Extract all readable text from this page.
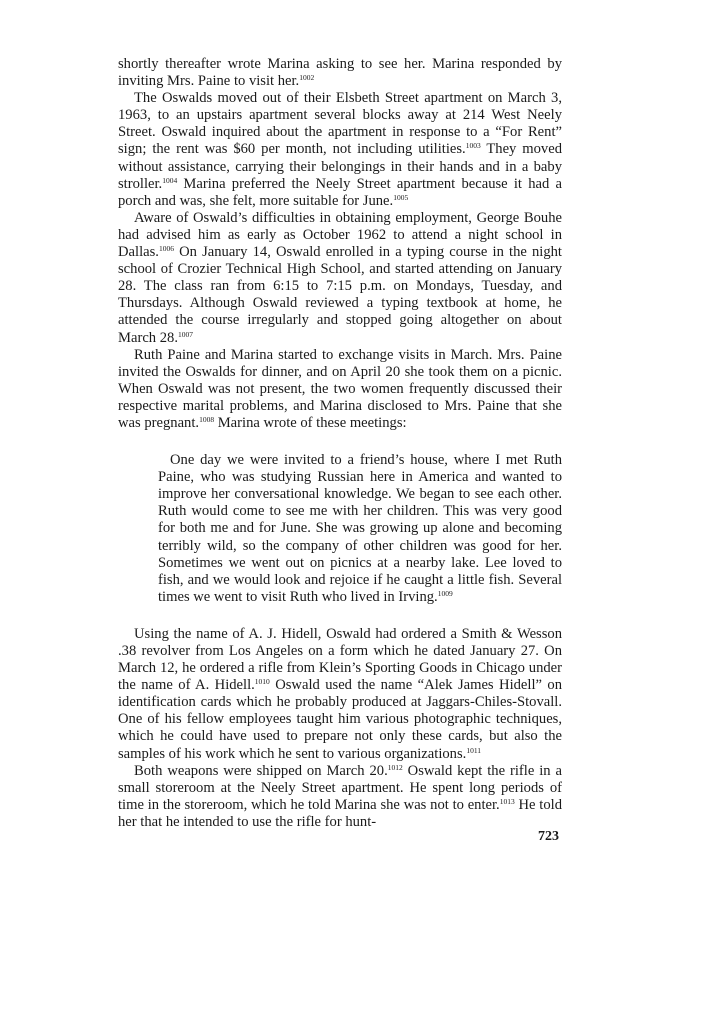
shortly thereafter wrote Marina asking to see her. Marina responded by inviting Mrs. Paine to visit her.$^{1002}$

The Oswalds moved out of their Elsbeth Street apartment on March 3, 1963, to an upstairs apartment several blocks away at 214 West Neely Street. Oswald inquired about the apartment in response to a “For Rent” sign; the rent was $60 per month, not including utilities.$^{1003}$ They moved without assistance, carrying their belongings in their hands and in a baby stroller.$^{1004}$ Marina preferred the Neely Street apartment because it had a porch and was, she felt, more suitable for June.$^{1005}$

Aware of Oswald’s difficulties in obtaining employment, George Bouhe had advised him as early as October 1962 to attend a night school in Dallas.$^{1006}$ On January 14, Oswald enrolled in a typing course in the night school of Crozier Technical High School, and started attending on January 28. The class ran from 6:15 to 7:15 p.m. on Mondays, Tuesday, and Thursdays. Although Oswald reviewed a typing textbook at home, he attended the course irregularly and stopped going altogether on about March 28.$^{1007}$

Ruth Paine and Marina started to exchange visits in March. Mrs. Paine invited the Oswalds for dinner, and on April 20 she took them on a picnic. When Oswald was not present, the two women frequently discussed their respective marital problems, and Marina disclosed to Mrs. Paine that she was pregnant.$^{1008}$ Marina wrote of these meetings:

One day we were invited to a friend’s house, where I met Ruth Paine, who was studying Russian here in America and wanted to improve her conversational knowledge. We began to see each other. Ruth would come to see me with her children. This was very good for both me and for June. She was growing up alone and becoming terribly wild, so the company of other children was good for her. Sometimes we went out on picnics at a nearby lake. Lee loved to fish, and we would look and rejoice if he caught a little fish. Several times we went to visit Ruth who lived in Irving.$^{1009}$

Using the name of A. J. Hidell, Oswald had ordered a Smith & Wesson .38 revolver from Los Angeles on a form which he dated January 27. On March 12, he ordered a rifle from Klein’s Sporting Goods in Chicago under the name of A. Hidell.$^{1010}$ Oswald used the name “Alek James Hidell” on identification cards which he probably produced at Jaggars-Chiles-Stovall. One of his fellow employees taught him various photographic techniques, which he could have used to prepare not only these cards, but also the samples of his work which he sent to various organizations.$^{1011}$

Both weapons were shipped on March 20.$^{1012}$ Oswald kept the rifle in a small storeroom at the Neely Street apartment. He spent long periods of time in the storeroom, which he told Marina she was not to enter.$^{1013}$ He told her that he intended to use the rifle for hunt-

723
